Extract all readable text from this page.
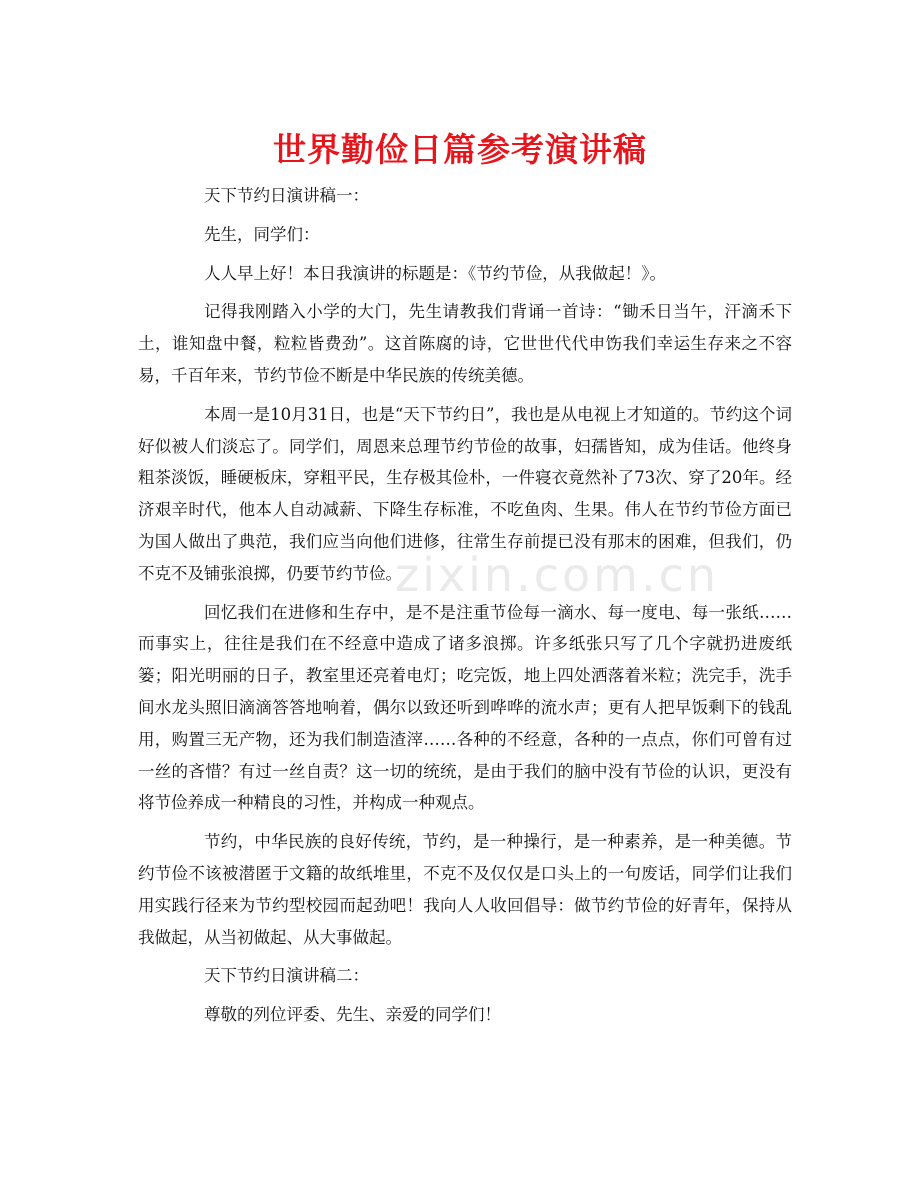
世界勤俭日篇参考演讲稿
zixin.com.cn

天下节约日演讲稿一：

先生，同学们：

人人早上好！本日我演讲的标题是：《节约节俭，从我做起！》。

记得我刚踏入小学的大门，先生请教我们背诵一首诗：“锄禾日当午，汗滴禾下土，谁知盘中餐，粒粒皆费劲”。这首陈腐的诗，它世世代代申饬我们幸运生存来之不容易，千百年来，节约节俭不断是中华民族的传统美德。

本周一是10月31日，也是“天下节约日”，我也是从电视上才知道的。节约这个词好似被人们淡忘了。同学们，周恩来总理节约节俭的故事，妇孺皆知，成为佳话。他终身粗茶淡饭，睡硬板床，穿粗平民，生存极其俭朴，一件寝衣竟然补了73次、穿了20年。经济艰辛时代，他本人自动减薪、下降生存标准，不吃鱼肉、生果。伟人在节约节俭方面已为国人做出了典范，我们应当向他们进修，往常生存前提已没有那末的困难，但我们，仍不克不及铺张浪掷，仍要节约节俭。

回忆我们在进修和生存中，是不是注重节俭每一滴水、每一度电、每一张纸……而事实上，往往是我们在不经意中造成了诸多浪掷。许多纸张只写了几个字就扔进废纸篓；阳光明丽的日子，教室里还亮着电灯；吃完饭，地上四处洒落着米粒；洗完手，洗手间水龙头照旧滴滴答答地响着，偶尔以致还听到哗哗的流水声；更有人把早饭剩下的钱乱用，购置三无产物，还为我们制造渣滓……各种的不经意，各种的一点点，你们可曾有过一丝的吝惜？有过一丝自责？这一切的统统，是由于我们的脑中没有节俭的认识，更没有将节俭养成一种精良的习性，并构成一种观点。

节约，中华民族的良好传统，节约，是一种操行，是一种素养，是一种美德。节约节俭不该被潜匿于文籍的故纸堆里，不克不及仅仅是口头上的一句废话，同学们让我们用实践行径来为节约型校园而起劲吧！我向人人收回倡导：做节约节俭的好青年，保持从我做起，从当初做起、从大事做起。

天下节约日演讲稿二：

尊敬的列位评委、先生、亲爱的同学们！
